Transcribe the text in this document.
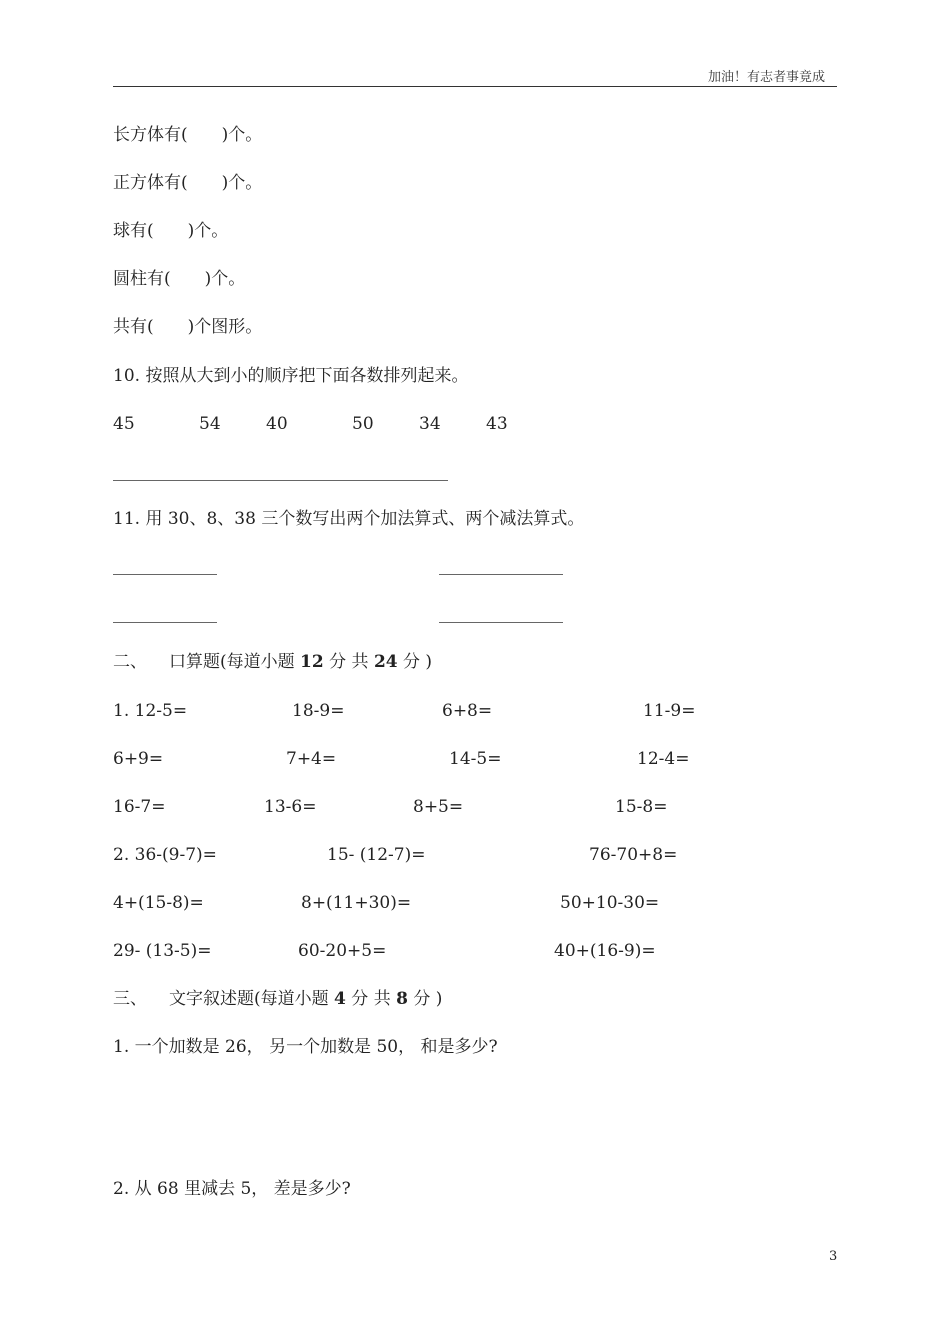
加油！有志者事竟成
长方体有(　　)个。
正方体有(　　)个。
球有(　　)个。
圆柱有(　　)个。
共有(　　)个图形。
10. 按照从大到小的顺序把下面各数排列起来。
45	54	40	50	34	43
11. 用 30、8、38 三个数写出两个加法算式、两个减法算式。
二、 口算题(每道小题 12 分 共 24 分 )
1. 12-5=	18-9=	6+8=	11-9=
6+9=	7+4=	14-5=	12-4=
16-7=	13-6=	8+5=	15-8=
2. 36-(9-7)=	15- (12-7)=	76-70+8=
4+(15-8)=	8+(11+30)=	50+10-30=
29- (13-5)=	60-20+5=	40+(16-9)=
三、 文字叙述题(每道小题 4 分 共 8 分 )
1. 一个加数是 26， 另一个加数是 50， 和是多少?
2. 从 68 里减去 5， 差是多少?
3
